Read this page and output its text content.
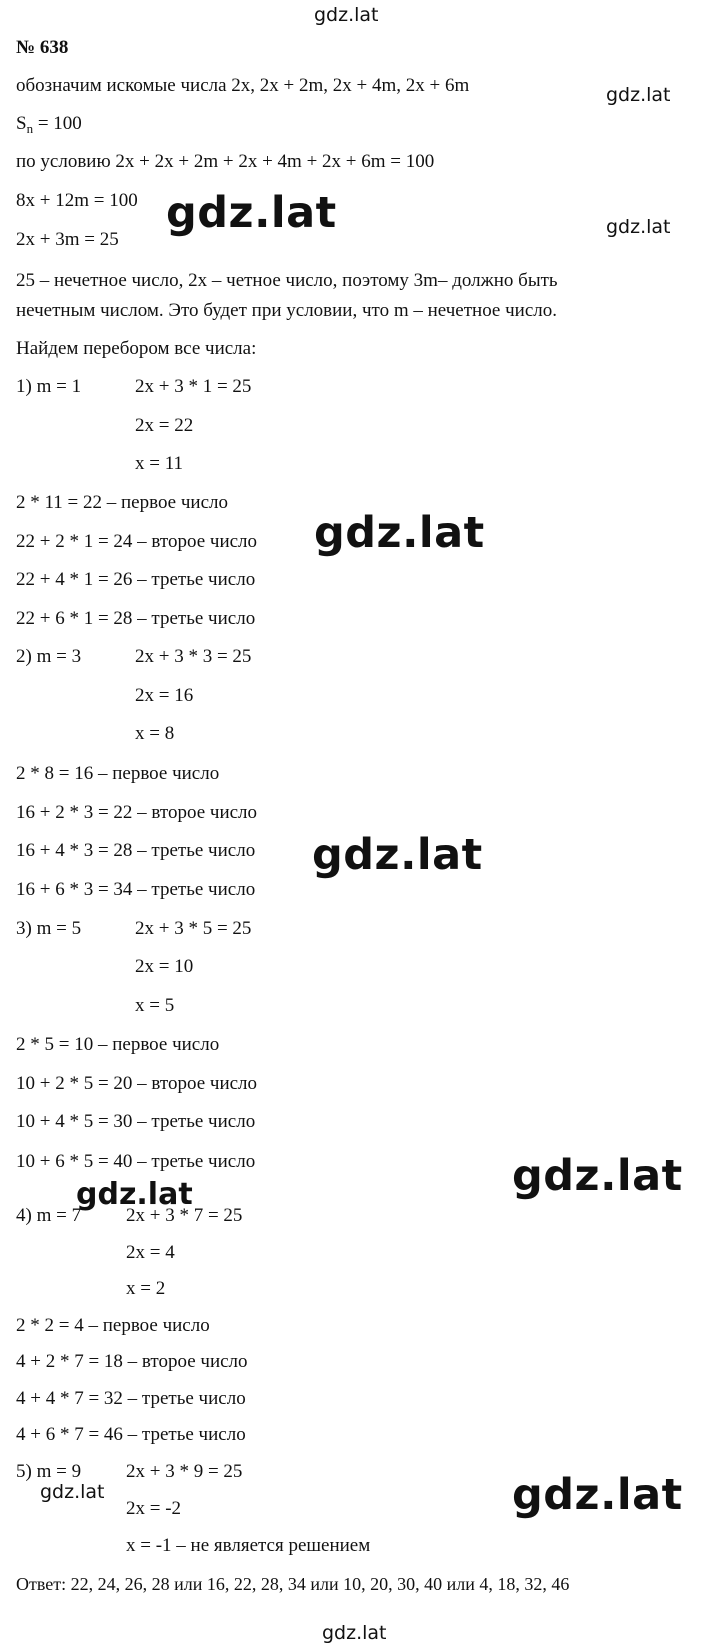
gdz.lat
gdz.lat
gdz.lat	gdz.lat
gdz.lat
gdz.lat
gdz.lat
gdz.lat
gdz.lat	gdz.lat
gdz.lat
№ 638
обозначим искомые числа 2x, 2x + 2m, 2x + 4m, 2x + 6m
$S_n = 100$
по условию 2x + 2x + 2m + 2x + 4m + 2x + 6m = 100
8x + 12m = 100
2x + 3m = 25
25 – нечетное число, 2x – четное число, поэтому 3m– должно быть
нечетным числом. Это будет при условии, что m – нечетное число.
Найдем перебором все числа:
1) m = 1	2x + 3 * 1 = 25
2x = 22
x = 11
2 * 11 = 22 – первое число
22 + 2 * 1 = 24 – второе число
22 + 4 * 1 = 26 – третье число
22 + 6 * 1 = 28 – третье число
2) m = 3	2x + 3 * 3 = 25
2x = 16
x = 8
2 * 8 = 16 – первое число
16 + 2 * 3 = 22 – второе число
16 + 4 * 3 = 28 – третье число
16 + 6 * 3 = 34 – третье число
3) m = 5	2x + 3 * 5 = 25
2x = 10
x = 5
2 * 5 = 10 – первое число
10 + 2 * 5 = 20 – второе число
10 + 4 * 5 = 30 – третье число
10 + 6 * 5 = 40 – третье число
4) m = 7 2x + 3 * 7 = 25
2x = 4
x = 2
2 * 2 = 4 – первое число
4 + 2 * 7 = 18 – второе число
4 + 4 * 7 = 32 – третье число
4 + 6 * 7 = 46 – третье число
5) m = 9 2x + 3 * 9 = 25
2x = -2
x = -1 – не является решением
Ответ: 22, 24, 26, 28 или 16, 22, 28, 34 или 10, 20, 30, 40 или 4, 18, 32, 46
